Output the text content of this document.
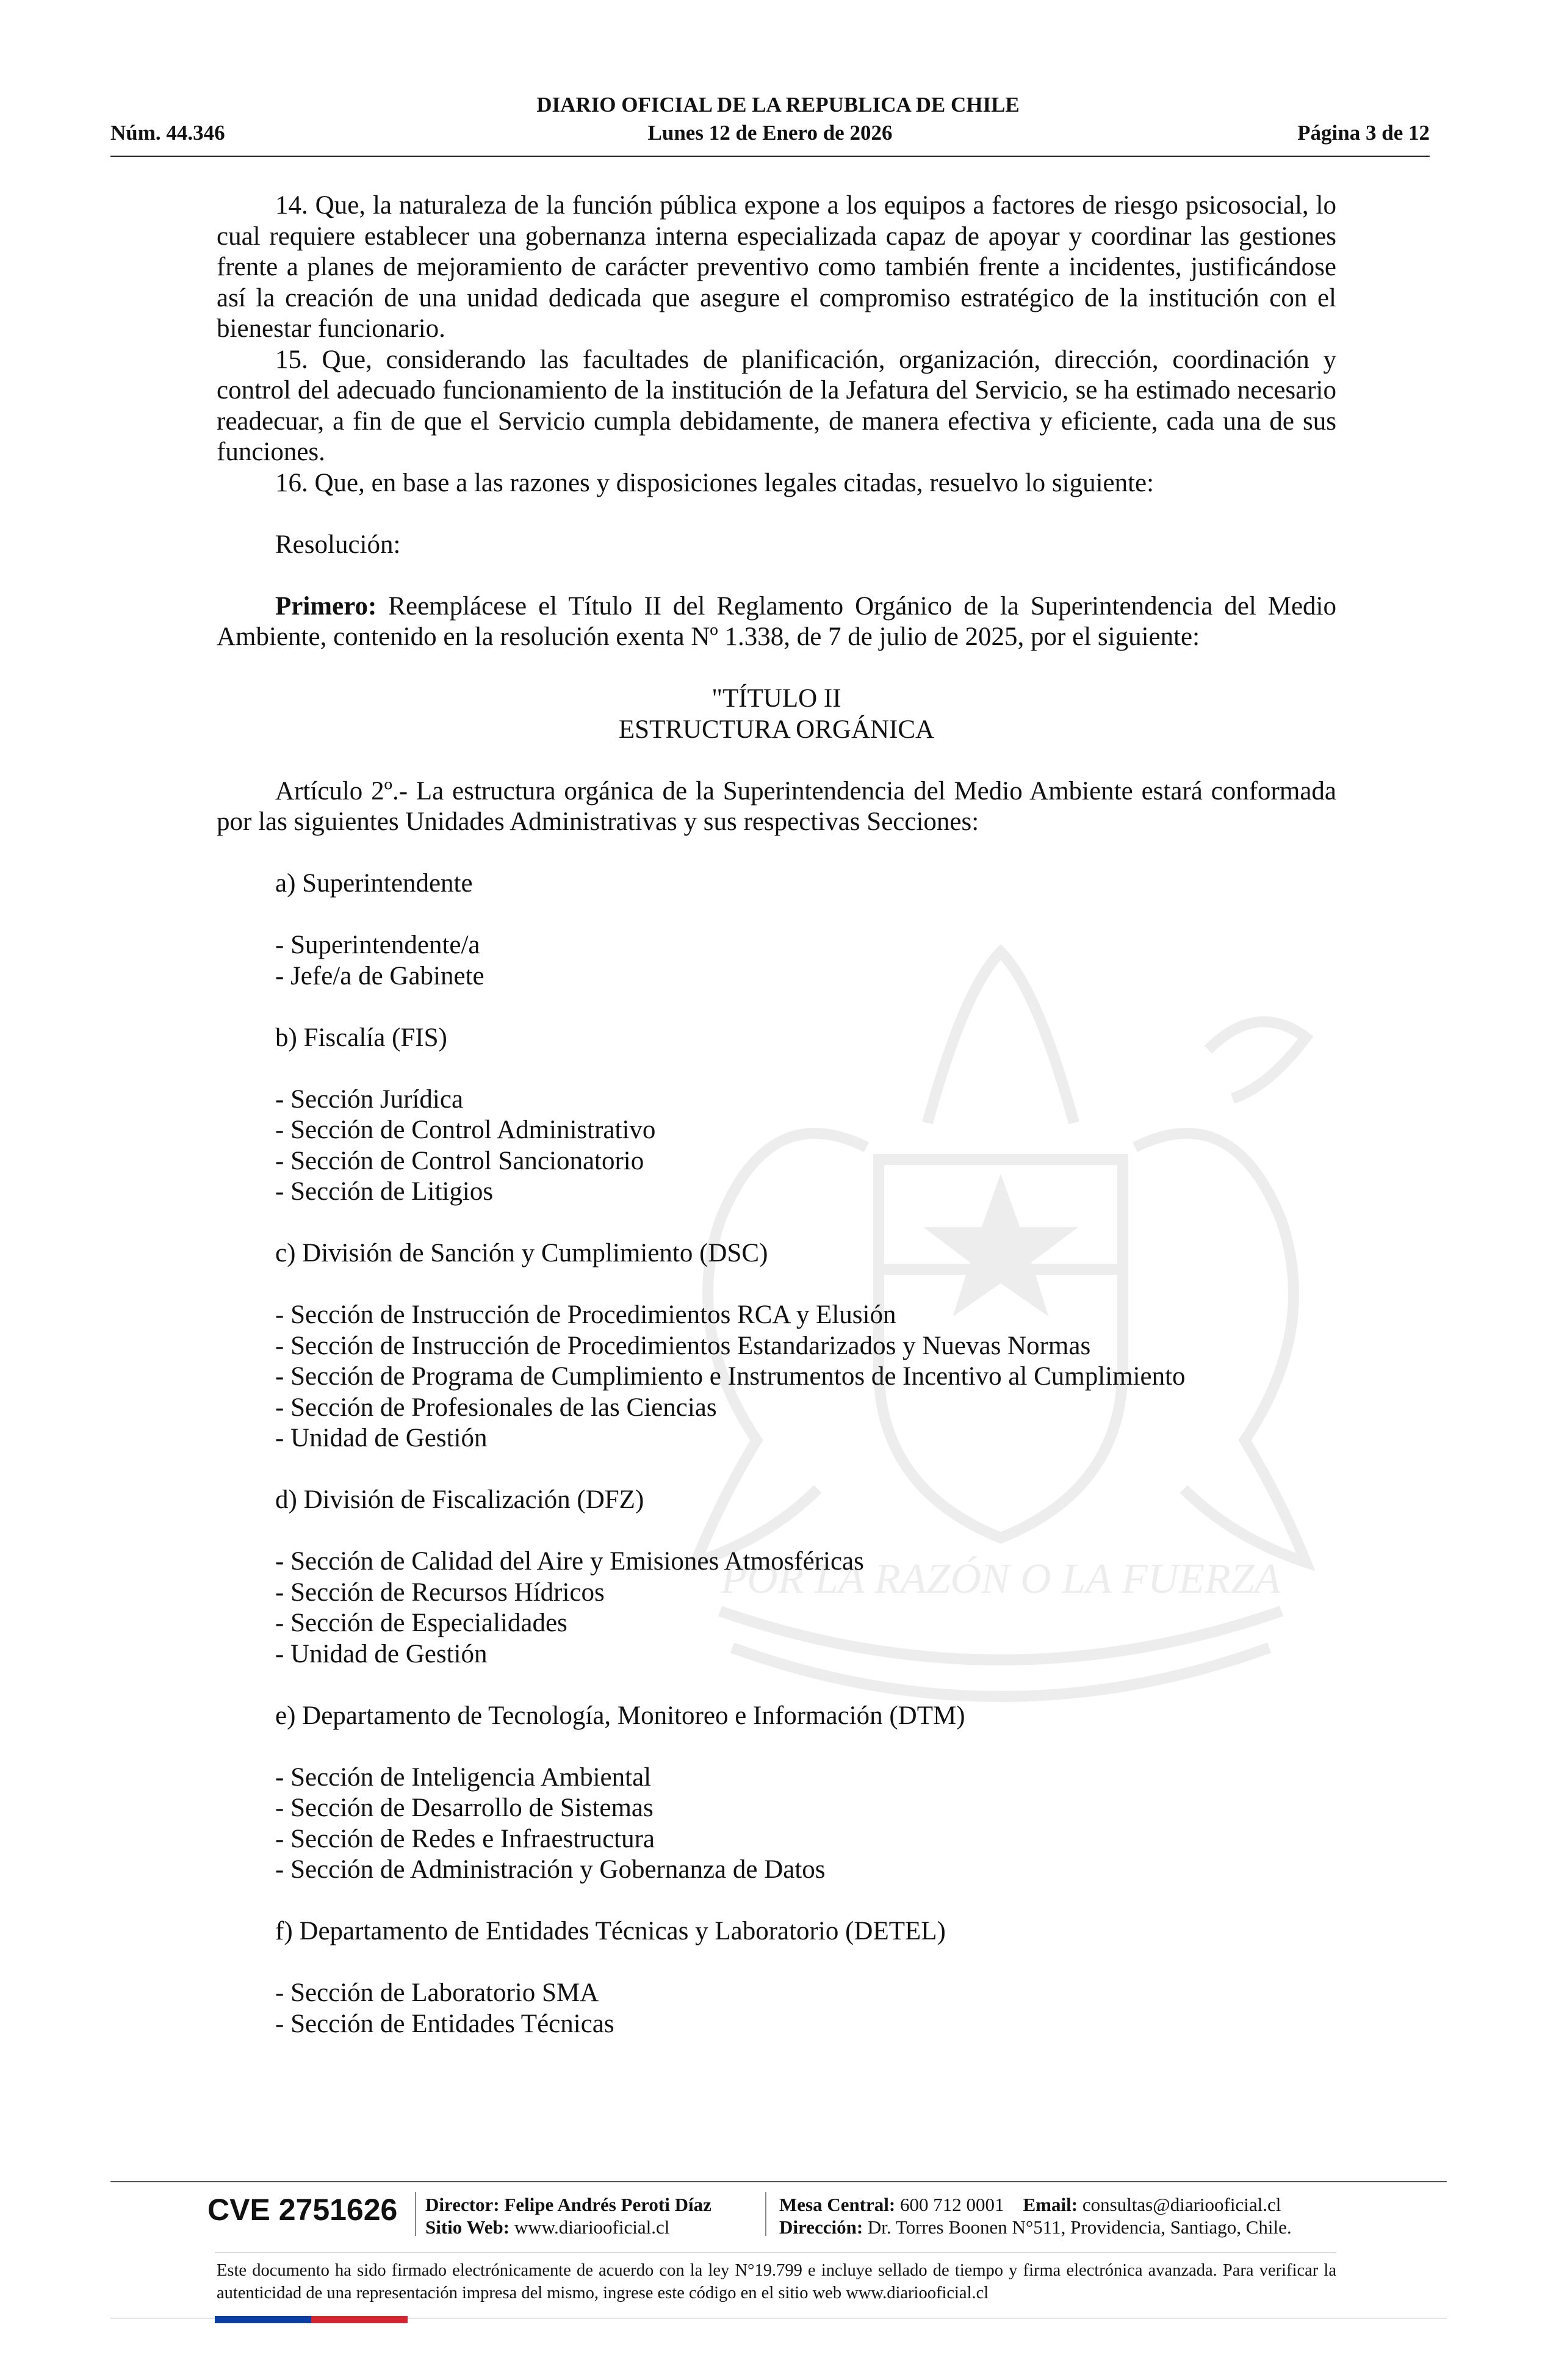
DIARIO OFICIAL DE LA REPUBLICA DE CHILE
Lunes 12 de Enero de 2026
Núm. 44.346	Página 3 de 12
POR LA RAZÓN O LA FUERZA

14. Que, la naturaleza de la función pública expone a los equipos a factores de riesgo psicosocial, lo cual requiere establecer una gobernanza interna especializada capaz de apoyar y coordinar las gestiones frente a planes de mejoramiento de carácter preventivo como también frente a incidentes, justificándose así la creación de una unidad dedicada que asegure el compromiso estratégico de la institución con el bienestar funcionario.

15. Que, considerando las facultades de planificación, organización, dirección, coordinación y control del adecuado funcionamiento de la institución de la Jefatura del Servicio, se ha estimado necesario readecuar, a fin de que el Servicio cumpla debidamente, de manera efectiva y eficiente, cada una de sus funciones.

16. Que, en base a las razones y disposiciones legales citadas, resuelvo lo siguiente:

Resolución:

Primero: Reemplácese el Título II del Reglamento Orgánico de la Superintendencia del Medio Ambiente, contenido en la resolución exenta Nº 1.338, de 7 de julio de 2025, por el siguiente:

"TÍTULO II

ESTRUCTURA ORGÁNICA

Artículo 2º.- La estructura orgánica de la Superintendencia del Medio Ambiente estará conformada por las siguientes Unidades Administrativas y sus respectivas Secciones:

a) Superintendente

- Superintendente/a

- Jefe/a de Gabinete

b) Fiscalía (FIS)

- Sección Jurídica

- Sección de Control Administrativo

- Sección de Control Sancionatorio

- Sección de Litigios

c) División de Sanción y Cumplimiento (DSC)

- Sección de Instrucción de Procedimientos RCA y Elusión

- Sección de Instrucción de Procedimientos Estandarizados y Nuevas Normas

- Sección de Programa de Cumplimiento e Instrumentos de Incentivo al Cumplimiento

- Sección de Profesionales de las Ciencias

- Unidad de Gestión

d) División de Fiscalización (DFZ)

- Sección de Calidad del Aire y Emisiones Atmosféricas

- Sección de Recursos Hídricos

- Sección de Especialidades

- Unidad de Gestión

e) Departamento de Tecnología, Monitoreo e Información (DTM)

- Sección de Inteligencia Ambiental

- Sección de Desarrollo de Sistemas

- Sección de Redes e Infraestructura

- Sección de Administración y Gobernanza de Datos

f) Departamento de Entidades Técnicas y Laboratorio (DETEL)

- Sección de Laboratorio SMA

- Sección de Entidades Técnicas

CVE 2751626 Director: Felipe Andrés Peroti Díaz
Sitio Web: www.diariooficial.cl
Mesa Central: 600 712 0001 Email: consultas@diariooficial.cl
Dirección: Dr. Torres Boonen N°511, Providencia, Santiago, Chile.
Este documento ha sido firmado electrónicamente de acuerdo con la ley N°19.799 e incluye sellado de tiempo y firma electrónica avanzada. Para verificar la autenticidad de una representación impresa del mismo, ingrese este código en el sitio web www.diariooficial.cl
